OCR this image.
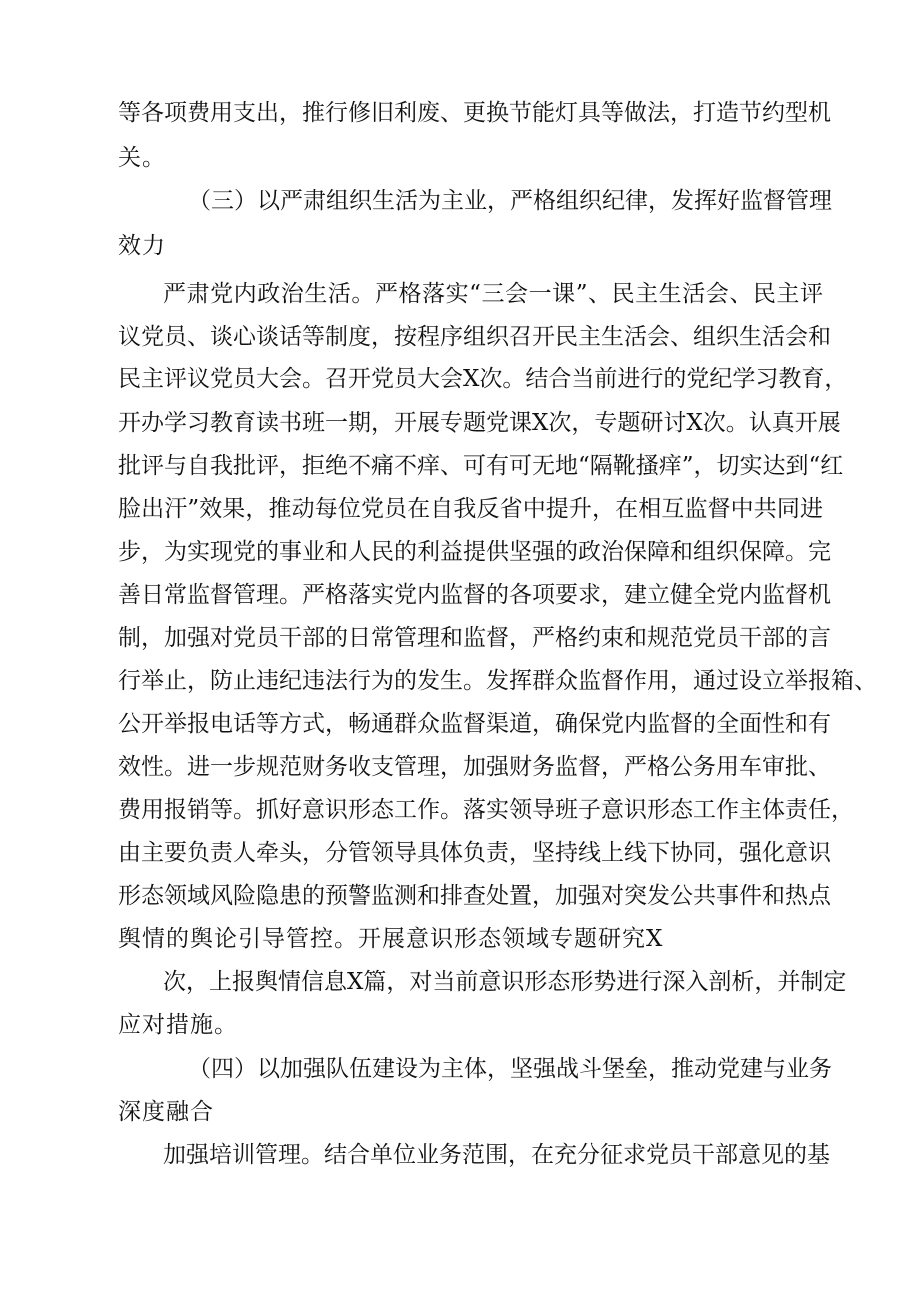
等各项费用支出，推行修旧利废、更换节能灯具等做法，打造节约型机
关。
（三）以严肃组织生活为主业，严格组织纪律，发挥好监督管理
效力
严肃党内政治生活。严格落实“三会一课”、民主生活会、民主评
议党员、谈心谈话等制度，按程序组织召开民主生活会、组织生活会和
民主评议党员大会。召开党员大会X次。结合当前进行的党纪学习教育，
开办学习教育读书班一期，开展专题党课X次，专题研讨X次。认真开展
批评与自我批评，拒绝不痛不痒、可有可无地“隔靴搔痒”，切实达到“红
脸出汗”效果，推动每位党员在自我反省中提升，在相互监督中共同进
步，为实现党的事业和人民的利益提供坚强的政治保障和组织保障。完
善日常监督管理。严格落实党内监督的各项要求，建立健全党内监督机
制，加强对党员干部的日常管理和监督，严格约束和规范党员干部的言
行举止，防止违纪违法行为的发生。发挥群众监督作用，通过设立举报箱、
公开举报电话等方式，畅通群众监督渠道，确保党内监督的全面性和有
效性。进一步规范财务收支管理，加强财务监督，严格公务用车审批、
费用报销等。抓好意识形态工作。落实领导班子意识形态工作主体责任，
由主要负责人牵头，分管领导具体负责，坚持线上线下协同，强化意识
形态领域风险隐患的预警监测和排查处置，加强对突发公共事件和热点
舆情的舆论引导管控。开展意识形态领域专题研究X
次，上报舆情信息X篇，对当前意识形态形势进行深入剖析，并制定
应对措施。
（四）以加强队伍建设为主体，坚强战斗堡垒，推动党建与业务
深度融合
加强培训管理。结合单位业务范围，在充分征求党员干部意见的基
